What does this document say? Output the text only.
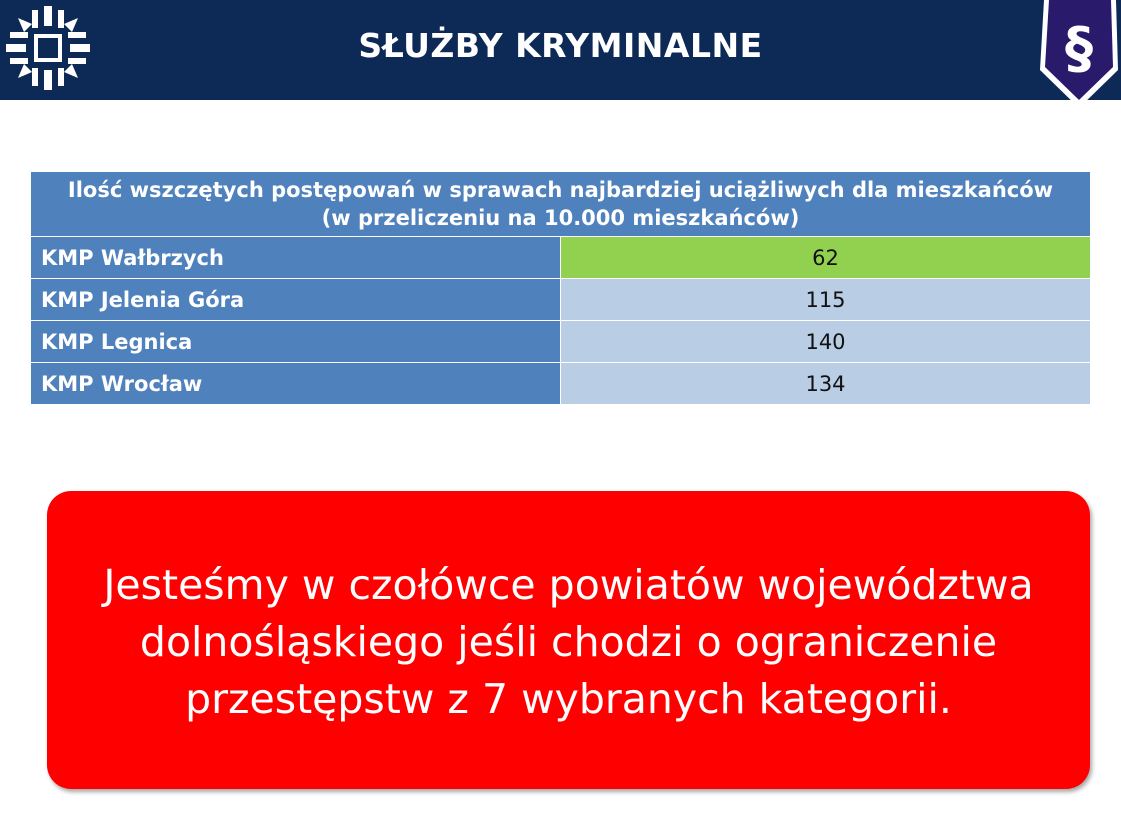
SŁUŻBY KRYMINALNE	§
Ilość wszczętych postępowań w sprawach najbardziej uciążliwych dla mieszkańców
(w przeliczeniu na 10.000 mieszkańców)	

KMP Wałbrzych	62
KMP Jelenia Góra	115
KMP Legnica	140
KMP Wrocław	134
Jesteśmy w czołówce powiatów województwa
dolnośląskiego jeśli chodzi o ograniczenie
przestępstw z 7 wybranych kategorii.
